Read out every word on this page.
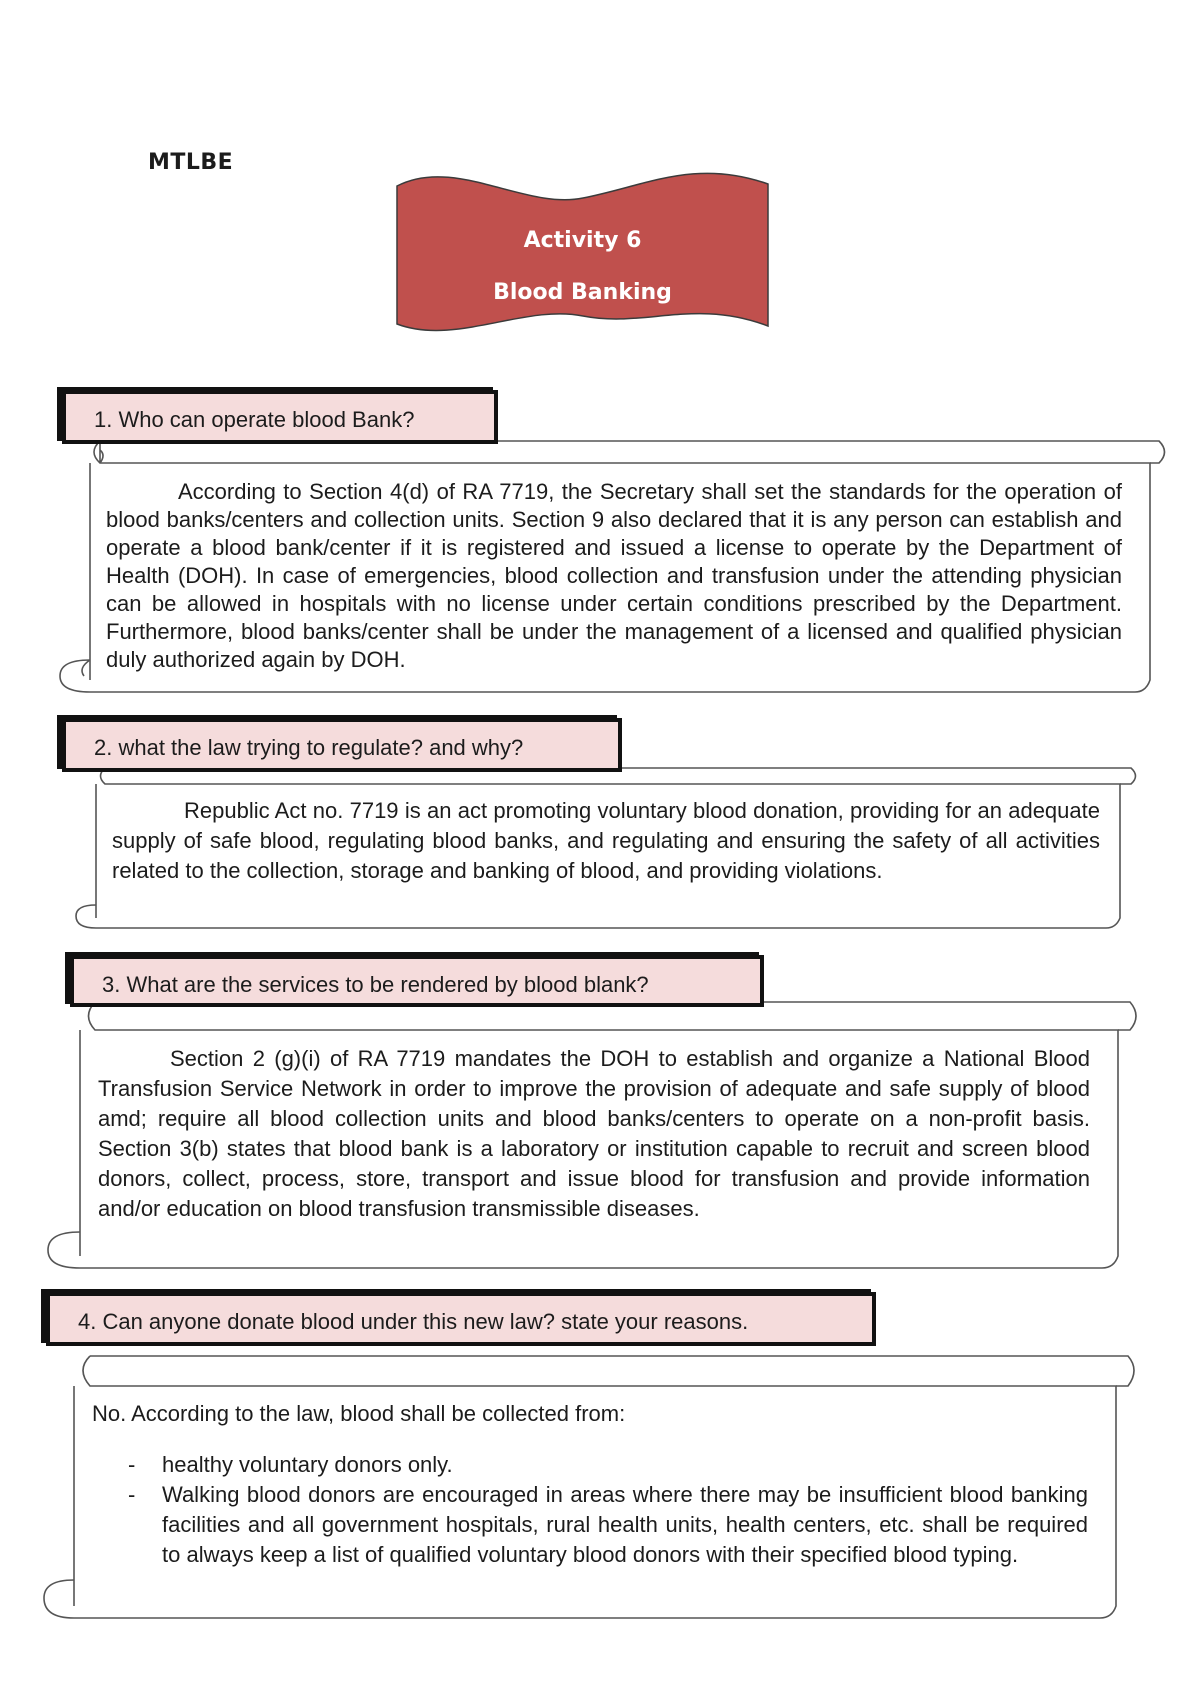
MTLBE
Activity 6
Blood Banking
1. Who can operate blood Bank?

According to Section 4(d) of RA 7719, the Secretary shall set the standards for the operation of blood banks/centers and collection units. Section 9 also declared that it is any person can establish and operate a blood bank/center if it is registered and issued a license to operate by the Department of Health (DOH). In case of emergencies, blood collection and transfusion under the attending physician can be allowed in hospitals with no license under certain conditions prescribed by the Department. Furthermore, blood banks/center shall be under the management of a licensed and qualified physician duly authorized again by DOH.

2. what the law trying to regulate? and why?

Republic Act no. 7719 is an act promoting voluntary blood donation, providing for an adequate supply of safe blood, regulating blood banks, and regulating and ensuring the safety of all activities related to the collection, storage and banking of blood, and providing violations.

3. What are the services to be rendered by blood blank?

Section 2 (g)(i) of RA 7719 mandates the DOH to establish and organize a National Blood Transfusion Service Network in order to improve the provision of adequate and safe supply of blood amd; require all blood collection units and blood banks/centers to operate on a non-profit basis. Section 3(b) states that blood bank is a laboratory or institution capable to recruit and screen blood donors, collect, process, store, transport and issue blood for transfusion and provide information and/or education on blood transfusion transmissible diseases.

4. Can anyone donate blood under this new law? state your reasons.

No. According to the law, blood shall be collected from:

- healthy voluntary donors only.
- Walking blood donors are encouraged in areas where there may be insufficient blood banking facilities and all government hospitals, rural health units, health centers, etc. shall be required to always keep a list of qualified voluntary blood donors with their specified blood typing.
